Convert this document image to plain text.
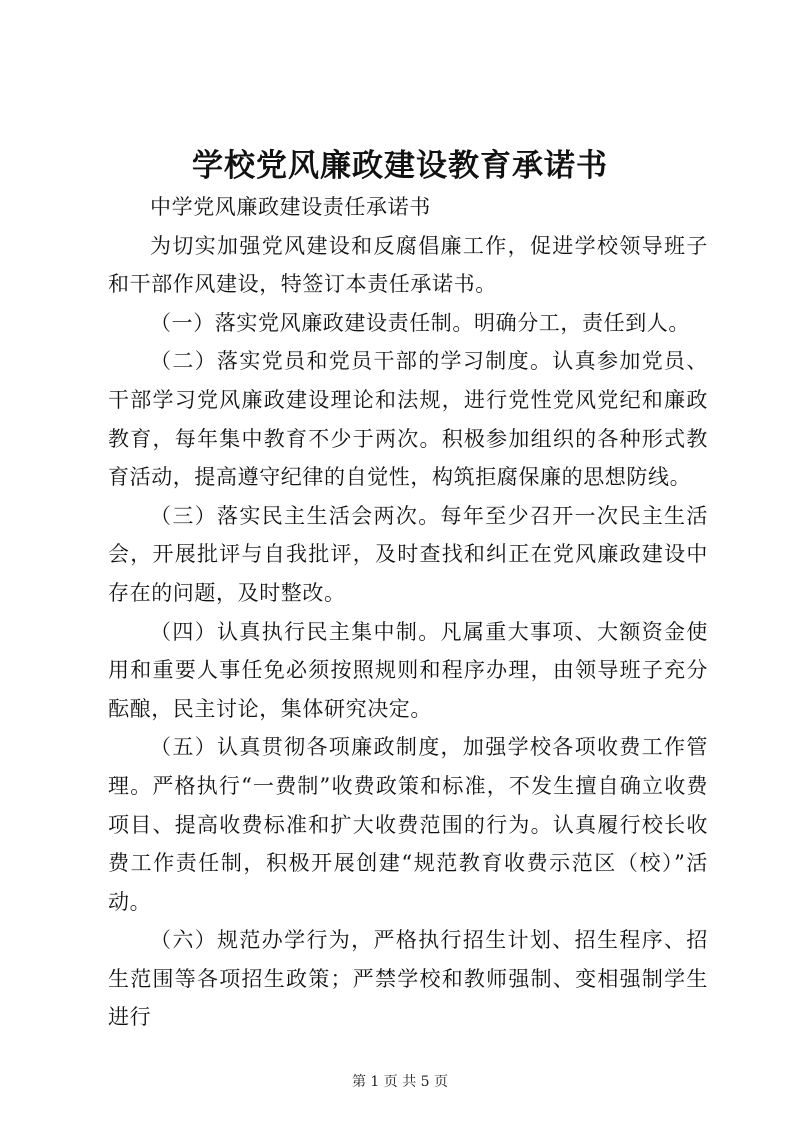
学校党风廉政建设教育承诺书

中学党风廉政建设责任承诺书

为切实加强党风建设和反腐倡廉工作，促进学校领导班子和干部作风建设，特签订本责任承诺书。

（一）落实党风廉政建设责任制。明确分工，责任到人。

（二）落实党员和党员干部的学习制度。认真参加党员、干部学习党风廉政建设理论和法规，进行党性党风党纪和廉政教育，每年集中教育不少于两次。积极参加组织的各种形式教育活动，提高遵守纪律的自觉性，构筑拒腐保廉的思想防线。

（三）落实民主生活会两次。每年至少召开一次民主生活会，开展批评与自我批评，及时查找和纠正在党风廉政建设中存在的问题，及时整改。

（四）认真执行民主集中制。凡属重大事项、大额资金使用和重要人事任免必须按照规则和程序办理，由领导班子充分酝酿，民主讨论，集体研究决定。

（五）认真贯彻各项廉政制度，加强学校各项收费工作管理。严格执行“一费制”收费政策和标准，不发生擅自确立收费项目、提高收费标准和扩大收费范围的行为。认真履行校长收费工作责任制，积极开展创建“规范教育收费示范区（校）”活动。

（六）规范办学行为，严格执行招生计划、招生程序、招生范围等各项招生政策；严禁学校和教师强制、变相强制学生进行

第 1 页 共 5 页
